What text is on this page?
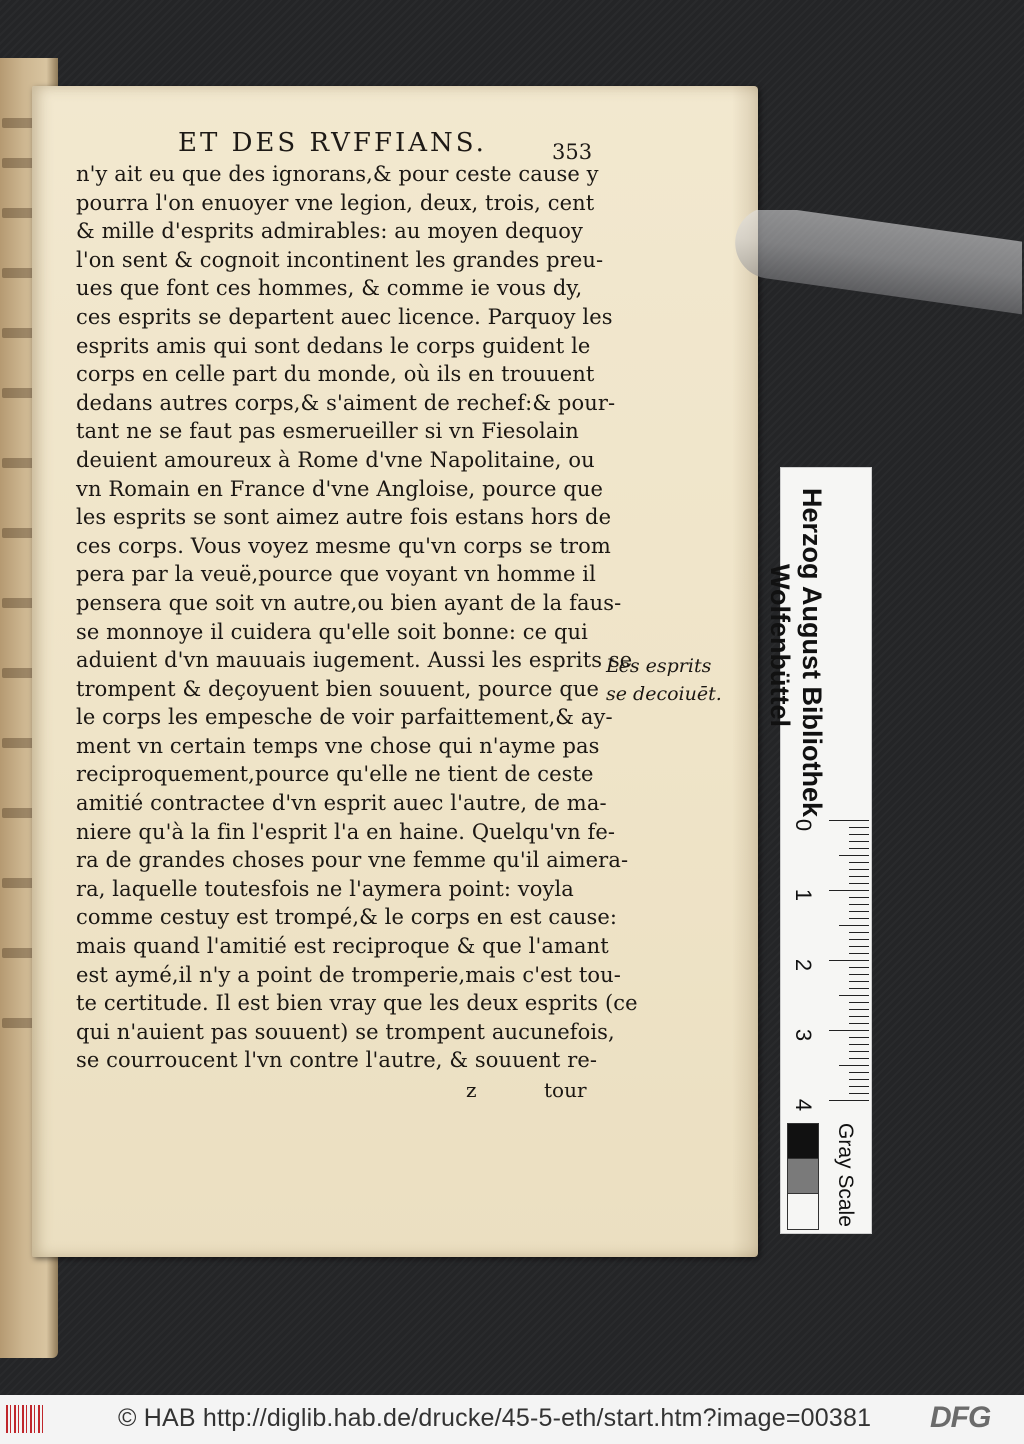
ET DES RVFFIANS.	353
n'y ait eu que des ignorans,& pour ceste cause y
pourra l'on enuoyer vne legion, deux, trois, cent
& mille d'esprits admirables: au moyen dequoy
l'on sent & cognoit incontinent les grandes preu-
ues que font ces hommes, & comme ie vous dy,
ces esprits se departent auec licence. Parquoy les
esprits amis qui sont dedans le corps guident le
corps en celle part du monde, où ils en trouuent
dedans autres corps,& s'aiment de rechef:& pour-
tant ne se faut pas esmerueiller si vn Fiesolain
deuient amoureux à Rome d'vne Napolitaine, ou
vn Romain en France d'vne Angloise, pource que
les esprits se sont aimez autre fois estans hors de
ces corps. Vous voyez mesme qu'vn corps se trom
pera par la veuë,pource que voyant vn homme il
pensera que soit vn autre,ou bien ayant de la faus-
se monnoye il cuidera qu'elle soit bonne: ce qui
aduient d'vn mauuais iugement. Aussi les esprits se
trompent & deçoyuent bien souuent, pource que
le corps les empesche de voir parfaittement,& ay-
ment vn certain temps vne chose qui n'ayme pas
reciproquement,pource qu'elle ne tient de ceste
amitié contractee d'vn esprit auec l'autre, de ma-
niere qu'à la fin l'esprit l'a en haine. Quelqu'vn fe-
ra de grandes choses pour vne femme qu'il aimera-
ra, laquelle toutesfois ne l'aymera point: voyla
comme cestuy est trompé,& le corps en est cause:
mais quand l'amitié est reciproque & que l'amant
est aymé,il n'y a point de tromperie,mais c'est tou-
te certitude. Il est bien vray que les deux esprits (ce
qui n'auient pas souuent) se trompent aucunefois,
se courroucent l'vn contre l'autre, & souuent re-
Les esprits
se decoiuēt.
z	tour
Herzog August Bibliothek
Wolfenbüttel
0
1
2
3
4
Gray Scale
© HAB http://diglib.hab.de/drucke/45-5-eth/start.htm?image=00381 DFG
